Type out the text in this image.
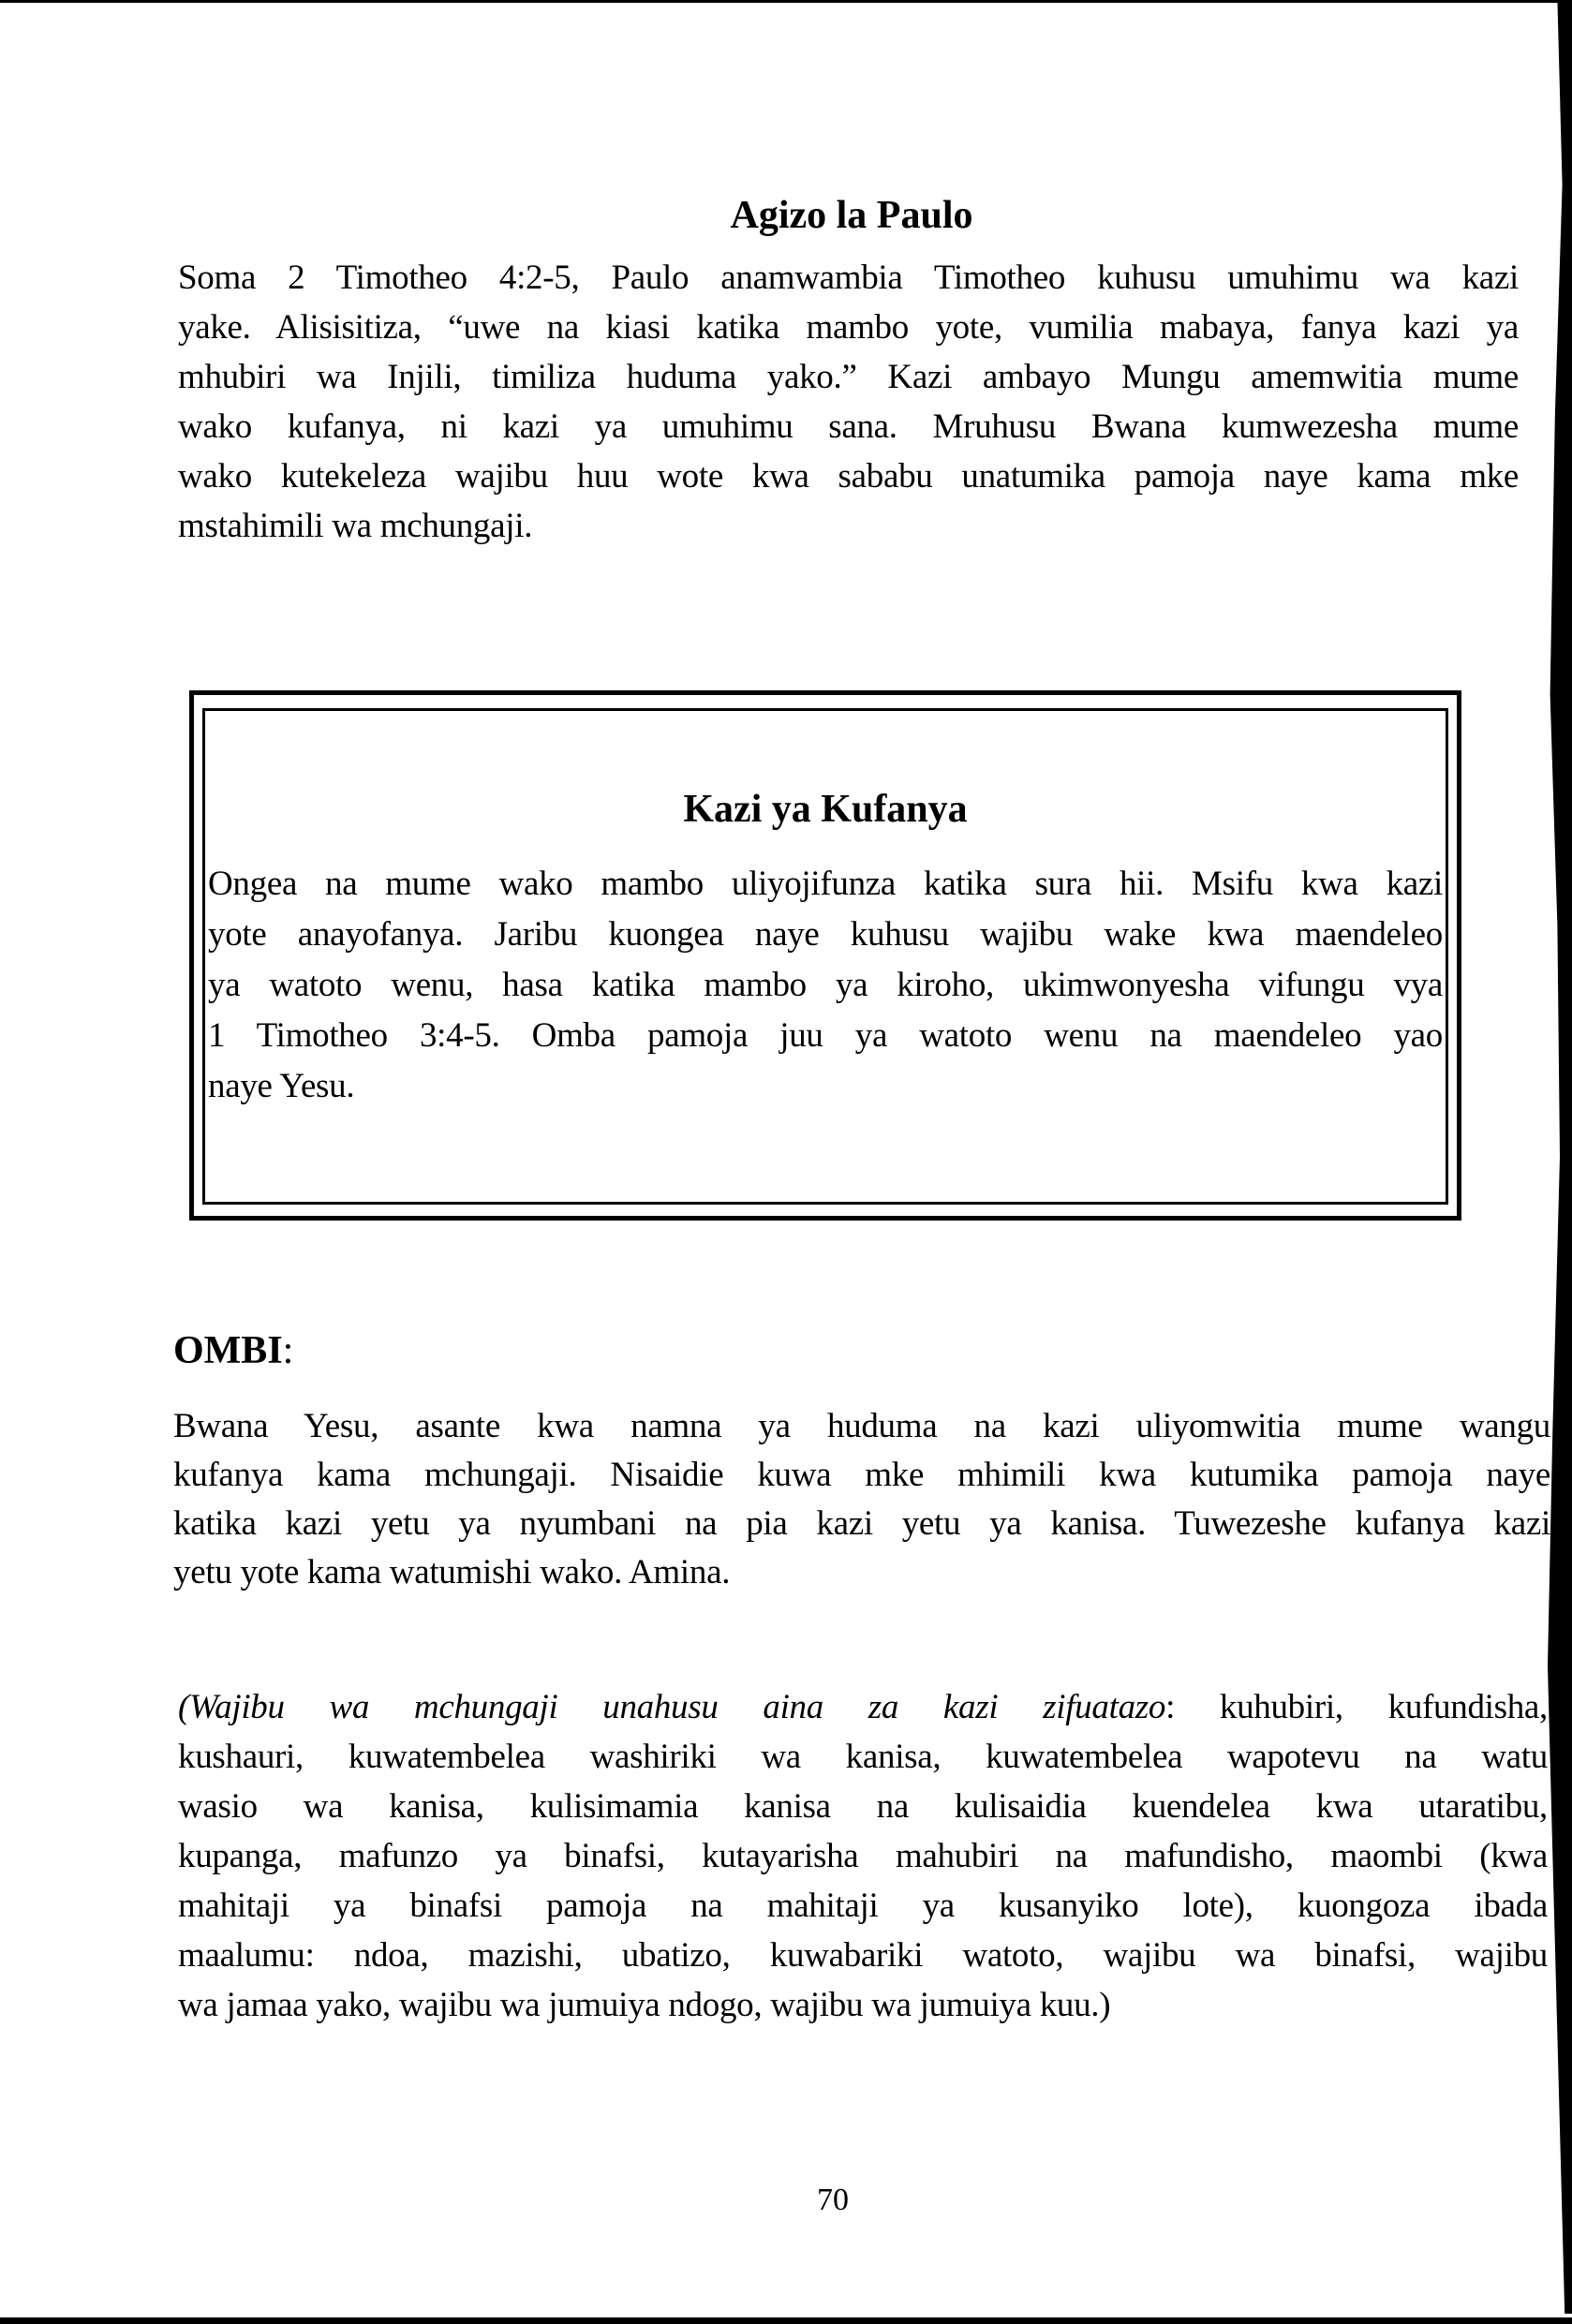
Agizo la Paulo
Soma 2 Timotheo 4:2-5, Paulo anamwambia Timotheo kuhusu umuhimu wa kazi
yake. Alisisitiza, “uwe na kiasi katika mambo yote, vumilia mabaya, fanya kazi ya
mhubiri wa Injili, timiliza huduma yako.” Kazi ambayo Mungu amemwitia mume
wako kufanya, ni kazi ya umuhimu sana. Mruhusu Bwana kumwezesha mume
wako kutekeleza wajibu huu wote kwa sababu unatumika pamoja naye kama mke
mstahimili wa mchungaji.
Kazi ya Kufanya
Ongea na mume wako mambo uliyojifunza katika sura hii. Msifu kwa kazi
yote anayofanya. Jaribu kuongea naye kuhusu wajibu wake kwa maendeleo
ya watoto wenu, hasa katika mambo ya kiroho, ukimwonyesha vifungu vya
1 Timotheo 3:4-5. Omba pamoja juu ya watoto wenu na maendeleo yao
naye Yesu.
OMBI:
Bwana Yesu, asante kwa namna ya huduma na kazi uliyomwitia mume wangu
kufanya kama mchungaji. Nisaidie kuwa mke mhimili kwa kutumika pamoja naye
katika kazi yetu ya nyumbani na pia kazi yetu ya kanisa. Tuwezeshe kufanya kazi
yetu yote kama watumishi wako. Amina.
(Wajibu wa mchungaji unahusu aina za kazi zifuatazo: kuhubiri, kufundisha,
kushauri, kuwatembelea washiriki wa kanisa, kuwatembelea wapotevu na watu
wasio wa kanisa, kulisimamia kanisa na kulisaidia kuendelea kwa utaratibu,
kupanga, mafunzo ya binafsi, kutayarisha mahubiri na mafundisho, maombi (kwa
mahitaji ya binafsi pamoja na mahitaji ya kusanyiko lote), kuongoza ibada
maalumu: ndoa, mazishi, ubatizo, kuwabariki watoto, wajibu wa binafsi, wajibu
wa jamaa yako, wajibu wa jumuiya ndogo, wajibu wa jumuiya kuu.)
70
